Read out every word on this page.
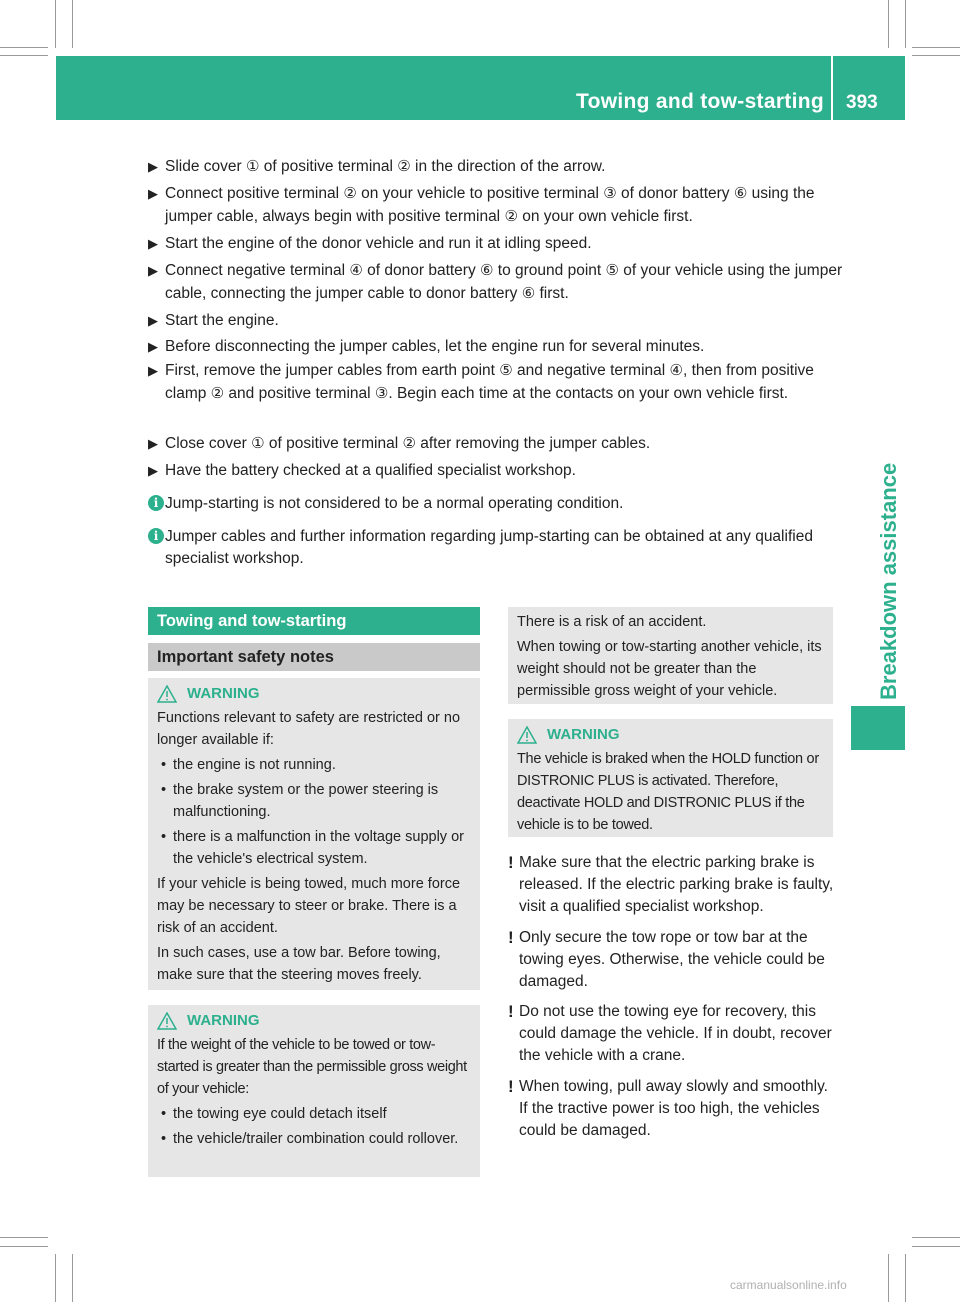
Towing and tow-starting 393
Breakdown assistance
▶ Slide cover ① of positive terminal ② in the direction of the arrow.
▶ Connect positive terminal ② on your vehicle to positive terminal ③ of donor battery ⑥ using the jumper cable, always begin with positive terminal ② on your own vehicle first.
▶ Start the engine of the donor vehicle and run it at idling speed.
▶ Connect negative terminal ④ of donor battery ⑥ to ground point ⑤ of your vehicle using the jumper cable, connecting the jumper cable to donor battery ⑥ first.
▶ Start the engine.
▶ Before disconnecting the jumper cables, let the engine run for several minutes.
▶ First, remove the jumper cables from earth point ⑤ and negative terminal ④, then from positive clamp ② and positive terminal ③. Begin each time at the contacts on your own vehicle first.
▶ Close cover ① of positive terminal ② after removing the jumper cables.
▶ Have the battery checked at a qualified specialist workshop.
i Jump-starting is not considered to be a normal operating condition.
i Jumper cables and further information regarding jump-starting can be obtained at any qualified specialist workshop.
Towing and tow-starting
Important safety notes
WARNING

Functions relevant to safety are restricted or no longer available if:

• the engine is not running.
• the brake system or the power steering is malfunctioning.
• there is a malfunction in the voltage supply or the vehicle's electrical system.

If your vehicle is being towed, much more force may be necessary to steer or brake. There is a risk of an accident.

In such cases, use a tow bar. Before towing, make sure that the steering moves freely.

WARNING

If the weight of the vehicle to be towed or tow-started is greater than the permissible gross weight of your vehicle:

• the towing eye could detach itself
• the vehicle/trailer combination could rollover.

There is a risk of an accident.

When towing or tow-starting another vehicle, its weight should not be greater than the permissible gross weight of your vehicle.

WARNING

The vehicle is braked when the HOLD function or DISTRONIC PLUS is activated. Therefore, deactivate HOLD and DISTRONIC PLUS if the vehicle is to be towed.

! Make sure that the electric parking brake is released. If the electric parking brake is faulty, visit a qualified specialist workshop.
! Only secure the tow rope or tow bar at the towing eyes. Otherwise, the vehicle could be damaged.
! Do not use the towing eye for recovery, this could damage the vehicle. If in doubt, recover the vehicle with a crane.
! When towing, pull away slowly and smoothly. If the tractive power is too high, the vehicles could be damaged.
carmanualsonline.info
